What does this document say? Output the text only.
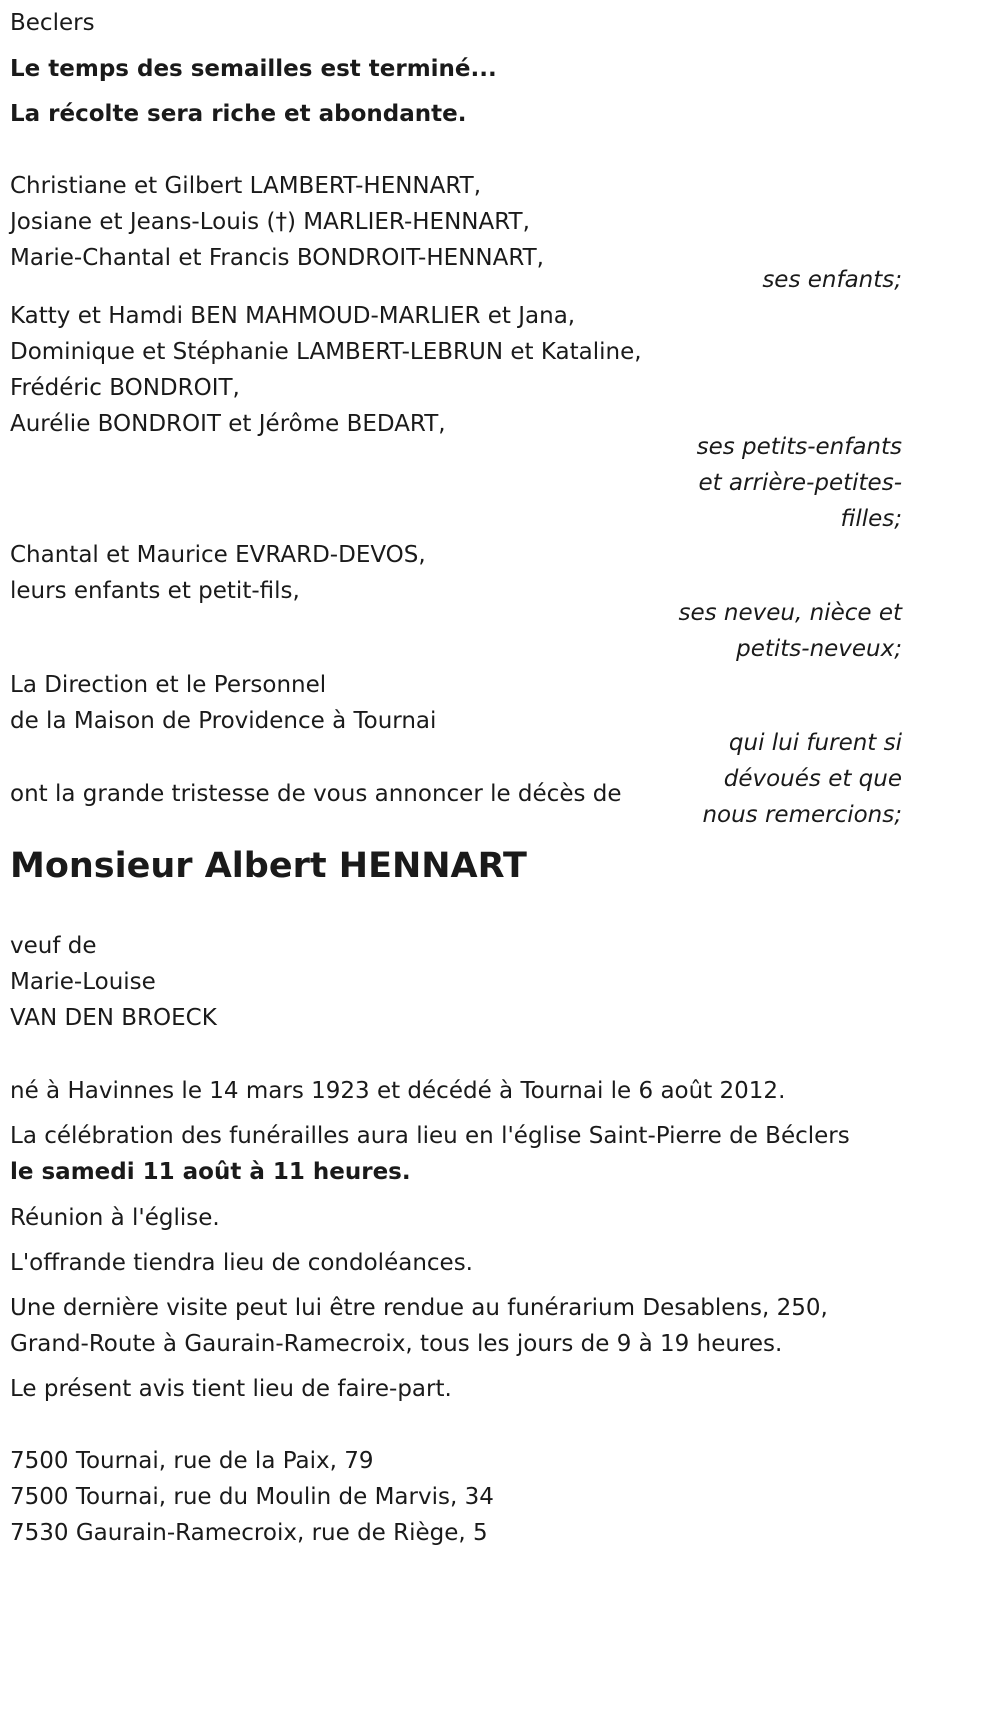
Beclers
Le temps des semailles est terminé...
La récolte sera riche et abondante.
Christiane et Gilbert LAMBERT-HENNART,
Josiane et Jeans-Louis (†) MARLIER-HENNART,
Marie-Chantal et Francis BONDROIT-HENNART,
ses enfants;
Katty et Hamdi BEN MAHMOUD-MARLIER et Jana,
Dominique et Stéphanie LAMBERT-LEBRUN et Kataline,
Frédéric BONDROIT,
Aurélie BONDROIT et Jérôme BEDART,
ses petits-enfants
et arrière-petites-
filles;
Chantal et Maurice EVRARD-DEVOS,
leurs enfants et petit-fils,
ses neveu, nièce et
petits-neveux;
La Direction et le Personnel
de la Maison de Providence à Tournai
qui lui furent si
dévoués et que
nous remercions;
ont la grande tristesse de vous annoncer le décès de
Monsieur Albert HENNART
veuf de
Marie-Louise
VAN DEN BROECK
né à Havinnes le 14 mars 1923 et décédé à Tournai le 6 août 2012.
La célébration des funérailles aura lieu en l'église Saint-Pierre de Béclers
le samedi 11 août à 11 heures.
Réunion à l'église.
L'offrande tiendra lieu de condoléances.
Une dernière visite peut lui être rendue au funérarium Desablens, 250,
Grand-Route à Gaurain-Ramecroix, tous les jours de 9 à 19 heures.
Le présent avis tient lieu de faire-part.
7500 Tournai, rue de la Paix, 79
7500 Tournai, rue du Moulin de Marvis, 34
7530 Gaurain-Ramecroix, rue de Riège, 5
